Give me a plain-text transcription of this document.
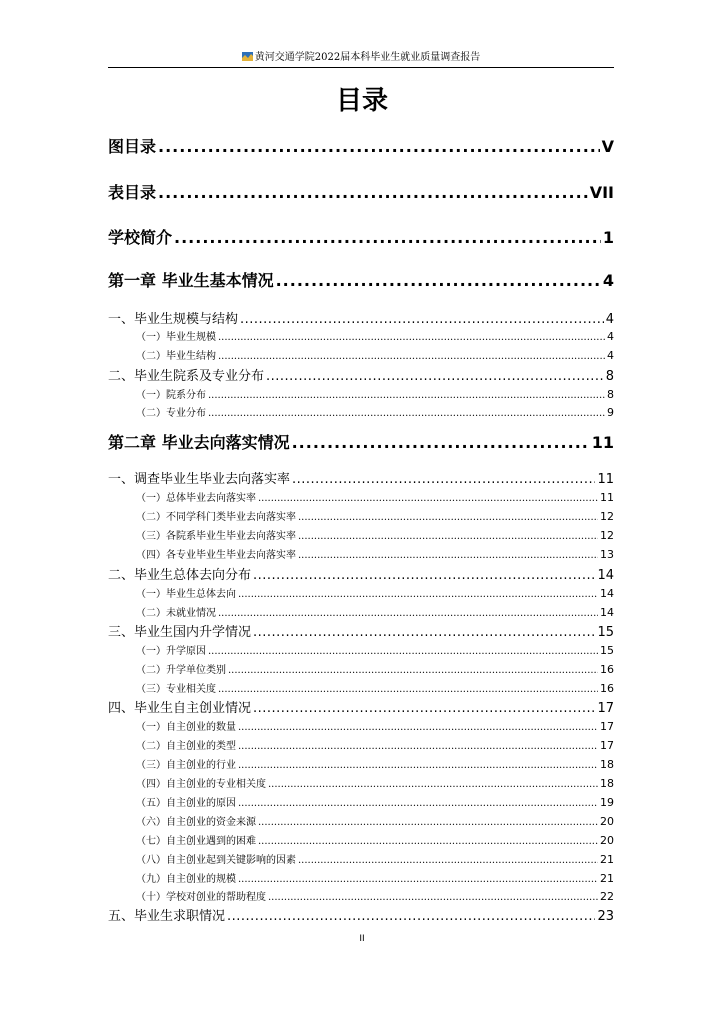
黄河交通学院2022届本科毕业生就业质量调查报告
目录
图目录 .....	V
表目录 .....	VII
学校简介 .....	1
第一章 毕业生基本情况 .....	4
一、毕业生规模与结构 .....	4
（一）毕业生规模 .....	4
（二）毕业生结构 .....	4
二、毕业生院系及专业分布 .....	8
（一）院系分布 .....	8
（二）专业分布 .....	9
第二章 毕业去向落实情况 .....	11
一、调查毕业生毕业去向落实率 .....	11
（一）总体毕业去向落实率 .....	11
（二）不同学科门类毕业去向落实率 .....	12
（三）各院系毕业生毕业去向落实率 .....	12
（四）各专业毕业生毕业去向落实率 .....	13
二、毕业生总体去向分布 .....	14
（一）毕业生总体去向 .....	14
（二）未就业情况 .....	14
三、毕业生国内升学情况 .....	15
（一）升学原因 .....	15
（二）升学单位类别 .....	16
（三）专业相关度 .....	16
四、毕业生自主创业情况 .....	17
（一）自主创业的数量 .....	17
（二）自主创业的类型 .....	17
（三）自主创业的行业 .....	18
（四）自主创业的专业相关度 .....	18
（五）自主创业的原因 .....	19
（六）自主创业的资金来源 .....	20
（七）自主创业遇到的困难 .....	20
（八）自主创业起到关键影响的因素 .....	21
（九）自主创业的规模 .....	21
（十）学校对创业的帮助程度 .....	22
五、毕业生求职情况 .....	23
II
